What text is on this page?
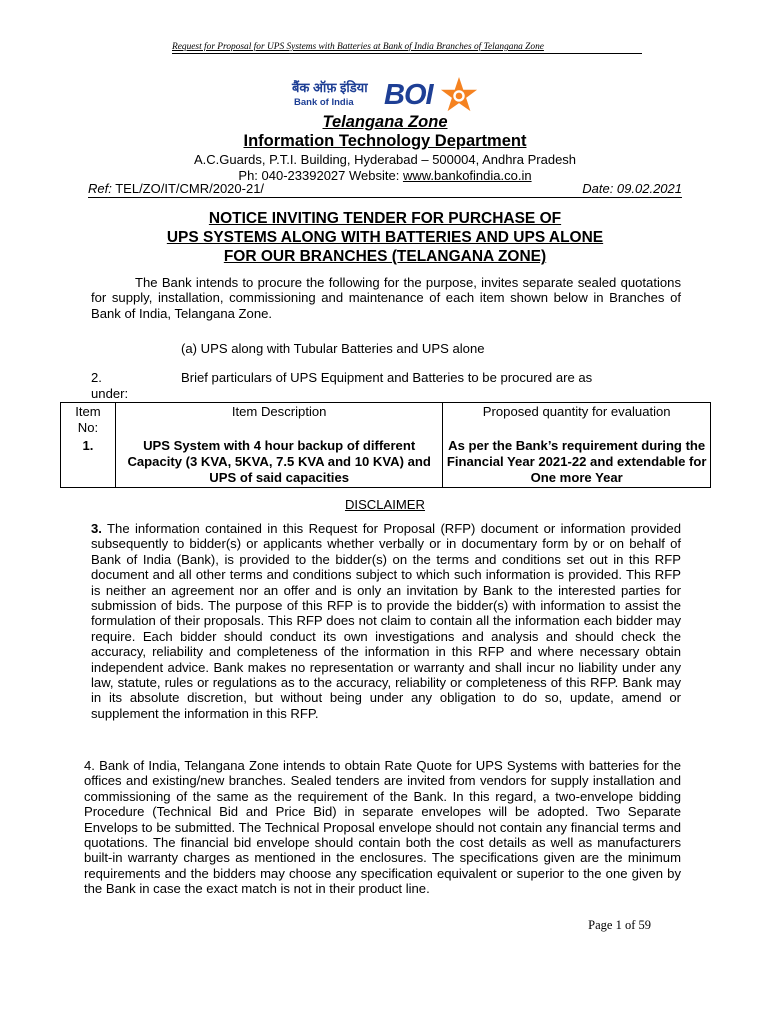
Request for Proposal for UPS Systems with Batteries at Bank of India Branches of Telangana Zone
बैंक ऑफ़ इंडिया
Bank of India BOI
Telangana Zone
Information Technology Department
A.C.Guards, P.T.I. Building, Hyderabad – 500004, Andhra Pradesh
Ph: 040-23392027 Website: www.bankofindia.co.in
Ref: TEL/ZO/IT/CMR/2020-21/	Date: 09.02.2021
NOTICE INVITING TENDER FOR PURCHASE OF
UPS SYSTEMS ALONG WITH BATTERIES AND UPS ALONE
FOR OUR BRANCHES (TELANGANA ZONE)
The Bank intends to procure the following for the purpose, invites separate sealed quotations for supply, installation, commissioning and maintenance of each item shown below in Branches of Bank of India, Telangana Zone.
(a) UPS along with Tubular Batteries and UPS alone
2.	Brief particulars of UPS Equipment and Batteries to be procured are as
under:
Item No:	Item Description	Proposed quantity for evaluation
1.	UPS System with 4 hour backup of different Capacity (3 KVA, 5KVA, 7.5 KVA and 10 KVA) and UPS of said capacities	As per the Bank’s requirement during the Financial Year 2021-22 and extendable for One more Year
DISCLAIMER
3. The information contained in this Request for Proposal (RFP) document or information provided subsequently to bidder(s) or applicants whether verbally or in documentary form by or on behalf of Bank of India (Bank), is provided to the bidder(s) on the terms and conditions set out in this RFP document and all other terms and conditions subject to which such information is provided. This RFP is neither an agreement nor an offer and is only an invitation by Bank to the interested parties for submission of bids. The purpose of this RFP is to provide the bidder(s) with information to assist the formulation of their proposals. This RFP does not claim to contain all the information each bidder may require. Each bidder should conduct its own investigations and analysis and should check the accuracy, reliability and completeness of the information in this RFP and where necessary obtain independent advice. Bank makes no representation or warranty and shall incur no liability under any law, statute, rules or regulations as to the accuracy, reliability or completeness of this RFP. Bank may in its absolute discretion, but without being under any obligation to do so, update, amend or supplement the information in this RFP.
4. Bank of India, Telangana Zone intends to obtain Rate Quote for UPS Systems with batteries for the offices and existing/new branches. Sealed tenders are invited from vendors for supply installation and commissioning of the same as the requirement of the Bank. In this regard, a two-envelope bidding Procedure (Technical Bid and Price Bid) in separate envelopes will be adopted. Two Separate Envelops to be submitted. The Technical Proposal envelope should not contain any financial terms and quotations. The financial bid envelope should contain both the cost details as well as manufacturers built-in warranty charges as mentioned in the enclosures. The specifications given are the minimum requirements and the bidders may choose any specification equivalent or superior to the one given by the Bank in case the exact match is not in their product line.
Page 1 of 59
